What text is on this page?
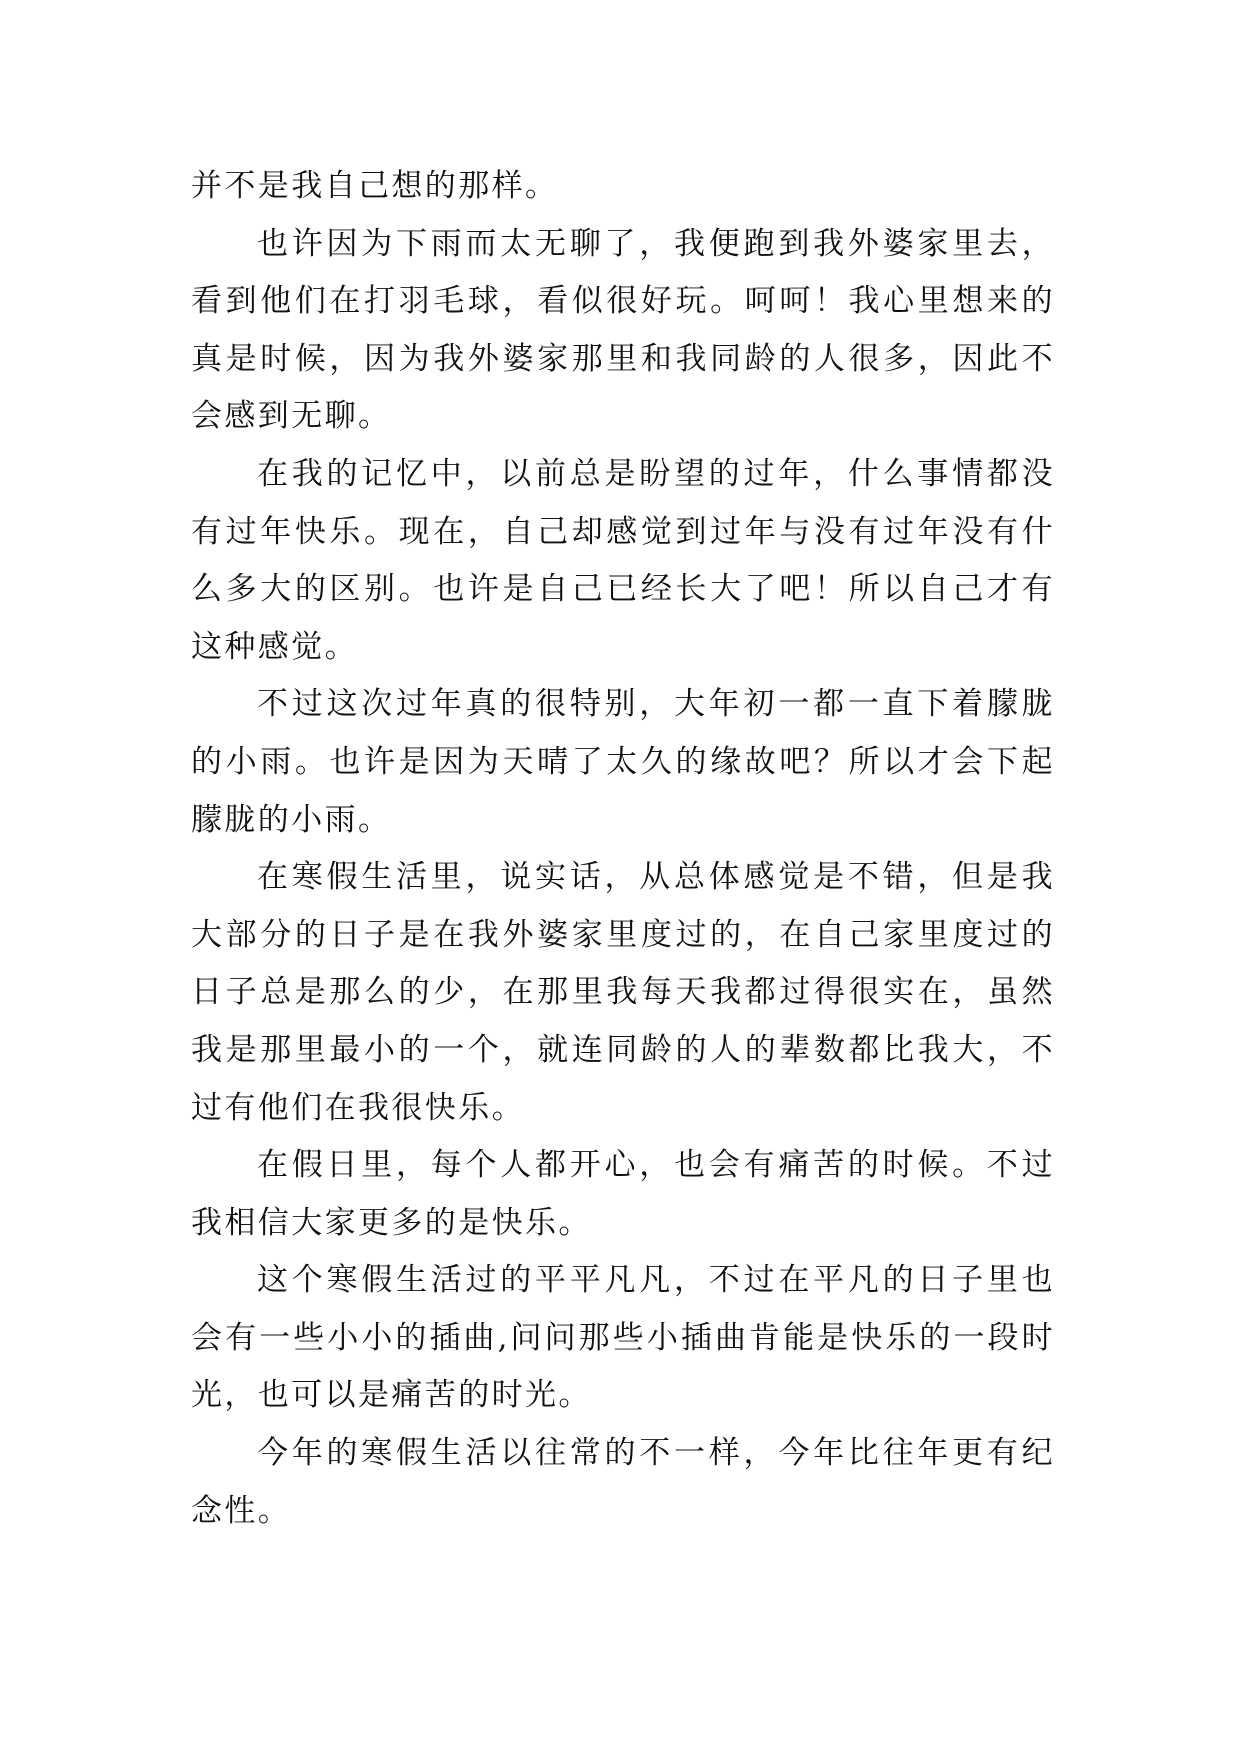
并不是我自己想的那样。

也许因为下雨而太无聊了，我便跑到我外婆家里去，看到他们在打羽毛球，看似很好玩。呵呵！我心里想来的真是时候，因为我外婆家那里和我同龄的人很多，因此不会感到无聊。

在我的记忆中，以前总是盼望的过年，什么事情都没有过年快乐。现在，自己却感觉到过年与没有过年没有什么多大的区别。也许是自己已经长大了吧！所以自己才有这种感觉。

不过这次过年真的很特别，大年初一都一直下着朦胧的小雨。也许是因为天晴了太久的缘故吧？所以才会下起朦胧的小雨。

在寒假生活里，说实话，从总体感觉是不错，但是我大部分的日子是在我外婆家里度过的，在自己家里度过的日子总是那么的少，在那里我每天我都过得很实在，虽然我是那里最小的一个，就连同龄的人的辈数都比我大，不过有他们在我很快乐。

在假日里，每个人都开心，也会有痛苦的时候。不过我相信大家更多的是快乐。

这个寒假生活过的平平凡凡，不过在平凡的日子里也会有一些小小的插曲,问问那些小插曲肯能是快乐的一段时光，也可以是痛苦的时光。

今年的寒假生活以往常的不一样，今年比往年更有纪念性。
